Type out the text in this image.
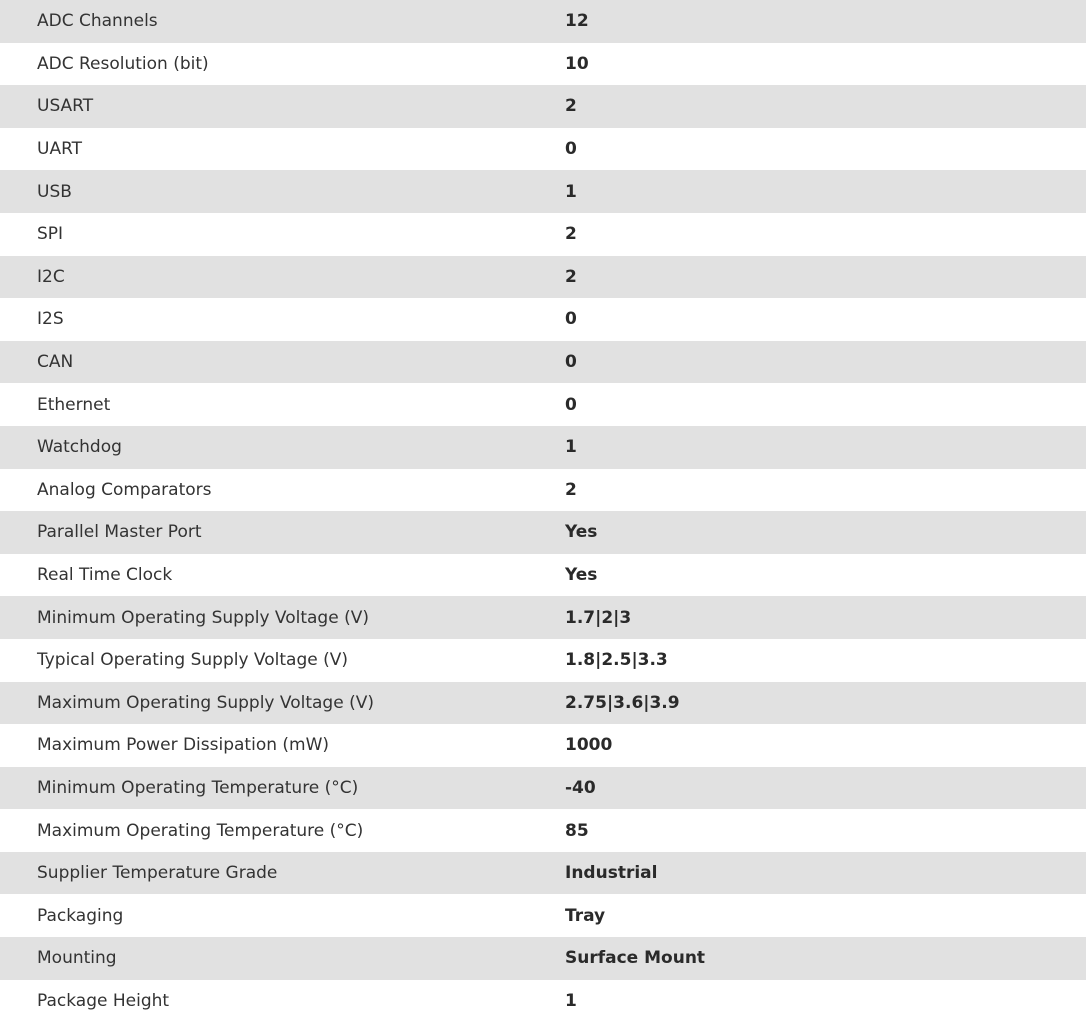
ADC Channels	12
ADC Resolution (bit)	10
USART	2
UART	0
USB	1
SPI	2
I2C	2
I2S	0
CAN	0
Ethernet	0
Watchdog	1
Analog Comparators	2
Parallel Master Port	Yes
Real Time Clock	Yes
Minimum Operating Supply Voltage (V)	1.7|2|3
Typical Operating Supply Voltage (V)	1.8|2.5|3.3
Maximum Operating Supply Voltage (V)	2.75|3.6|3.9
Maximum Power Dissipation (mW)	1000
Minimum Operating Temperature (°C)	-40
Maximum Operating Temperature (°C)	85
Supplier Temperature Grade	Industrial
Packaging	Tray
Mounting	Surface Mount
Package Height	1
